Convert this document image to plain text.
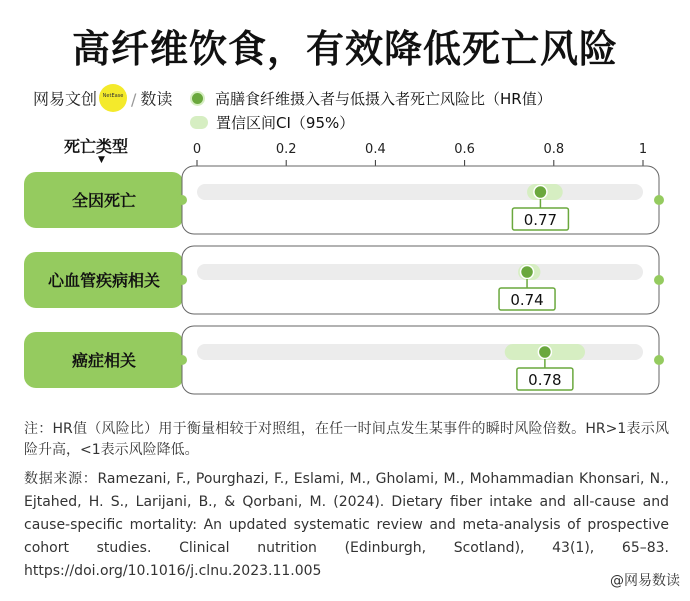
高纤维饮食，有效降低死亡风险
网易文创	NetEase / 数读	高膳食纤维摄入者与低摄入者死亡风险比（HR值）
置信区间CI（95%）
死亡类型
▼
0	0.2	0.4	0.6	0.8	1
全因死亡
0.77
心血管疾病相关
0.74
癌症相关
0.78
注：HR值（风险比）用于衡量相较于对照组，在任一时间点发生某事件的瞬时风险倍数。HR>1表示风险升高，<1表示风险降低。
数据来源：Ramezani, F., Pourghazi, F., Eslami, M., Gholami, M., Mohammadian Khonsari, N., Ejtahed, H. S., Larijani, B., & Qorbani, M. (2024). Dietary fiber intake and all-cause and cause-specific mortality: An updated systematic review and meta-analysis of prospective cohort studies. Clinical nutrition (Edinburgh, Scotland), 43(1), 65–83. https://doi.org/10.1016/j.clnu.2023.11.005
@网易数读
